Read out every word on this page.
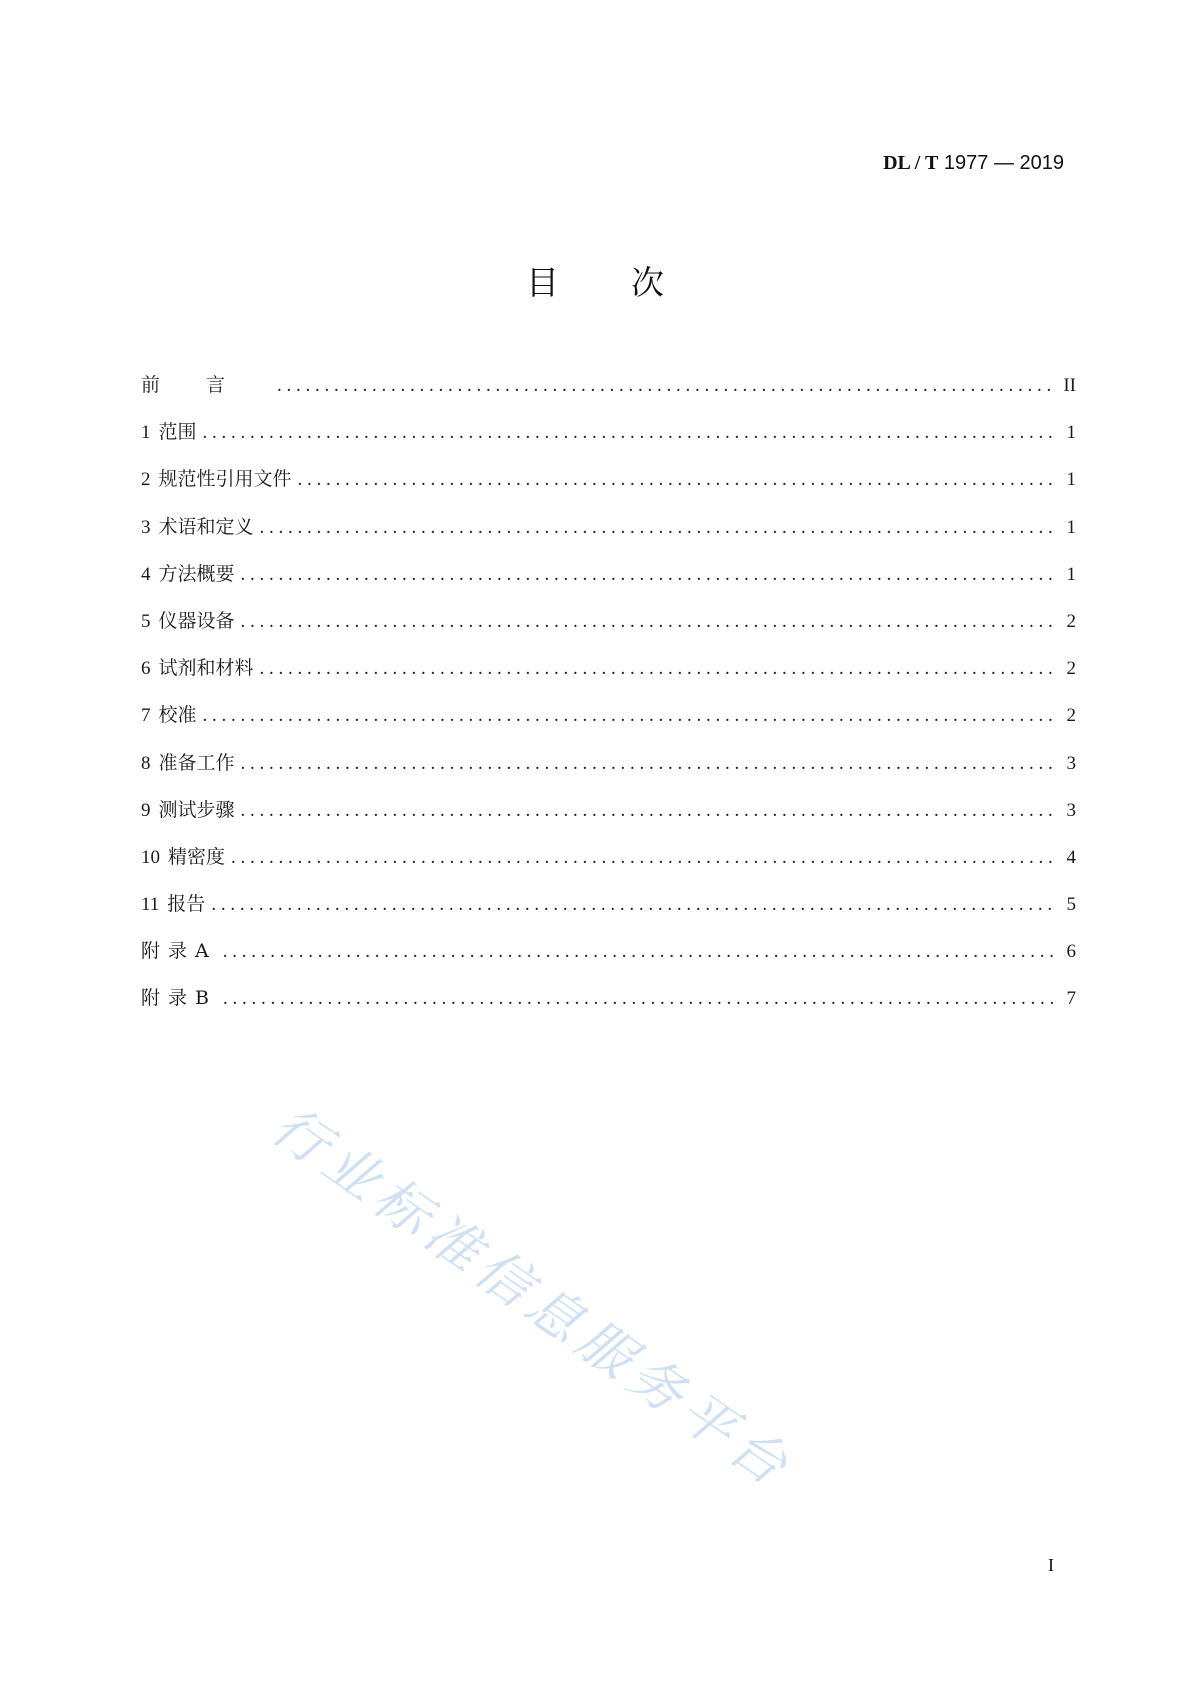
DL / T 1977 — 2019
目 次
前言 . . .	II
1 范围 . . .	1
2 规范性引用文件 . . .	1
3 术语和定义 . . .	1
4 方法概要 . . .	1
5 仪器设备 . . .	2
6 试剂和材料 . . .	2
7 校准 . . .	2
8 准备工作 . . .	3
9 测试步骤 . . .	3
10 精密度 . . .	4
11 报告 . . .	5
附录A . . .	6
附录B . . .	7
行业标准信息服务平台
I
